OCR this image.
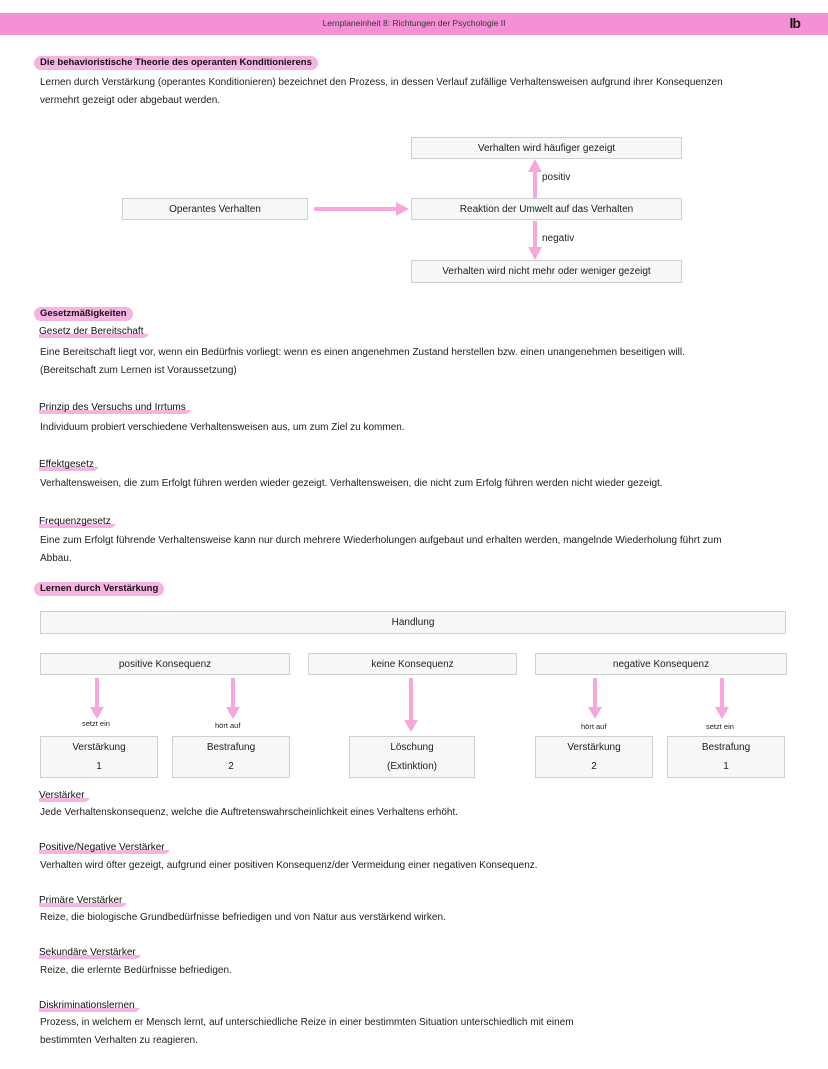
Lernplaneinheit 8: Richtungen der Psychologie II	lb
Die behavioristische Theorie des operanten Konditionierens
Lernen durch Verstärkung (operantes Konditionieren) bezeichnet den Prozess, in dessen Verlauf zufällige Verhaltensweisen aufgrund ihrer Konsequenzen
vermehrt gezeigt oder abgebaut werden.
Operantes Verhalten	Reaktion der Umwelt auf das Verhalten
Verhalten wird häufiger gezeigt
Verhalten wird nicht mehr oder weniger gezeigt
positiv
negativ
Gesetzmäßigkeiten
Gesetz der Bereitschaft
Eine Bereitschaft liegt vor, wenn ein Bedürfnis vorliegt: wenn es einen angenehmen Zustand herstellen bzw. einen unangenehmen beseitigen will.
(Bereitschaft zum Lernen ist Voraussetzung)
Prinzip des Versuchs und Irrtums
Individuum probiert verschiedene Verhaltensweisen aus, um zum Ziel zu kommen.
Effektgesetz
Verhaltensweisen, die zum Erfolgt führen werden wieder gezeigt. Verhaltensweisen, die nicht zum Erfolg führen werden nicht wieder gezeigt.
Frequenzgesetz
Eine zum Erfolgt führende Verhaltensweise kann nur durch mehrere Wiederholungen aufgebaut und erhalten werden, mangelnde Wiederholung führt zum
Abbau.
Lernen durch Verstärkung
Handlung
positive Konsequenz	keine Konsequenz	negative Konsequenz
setzt ein	hört auf	hört auf	setzt ein
Verstärkung
1
Bestrafung
2
Löschung
(Extinktion)
Verstärkung
2
Bestrafung
1
Verstärker
Jede Verhaltenskonsequenz, welche die Auftretenswahrscheinlichkeit eines Verhaltens erhöht.
Positive/Negative Verstärker
Verhalten wird öfter gezeigt, aufgrund einer positiven Konsequenz/der Vermeidung einer negativen Konsequenz.
Primäre Verstärker
Reize, die biologische Grundbedürfnisse befriedigen und von Natur aus verstärkend wirken.
Sekundäre Verstärker
Reize, die erlernte Bedürfnisse befriedigen.
Diskriminationslernen
Prozess, in welchem er Mensch lernt, auf unterschiedliche Reize in einer bestimmten Situation unterschiedlich mit einem
bestimmten Verhalten zu reagieren.
